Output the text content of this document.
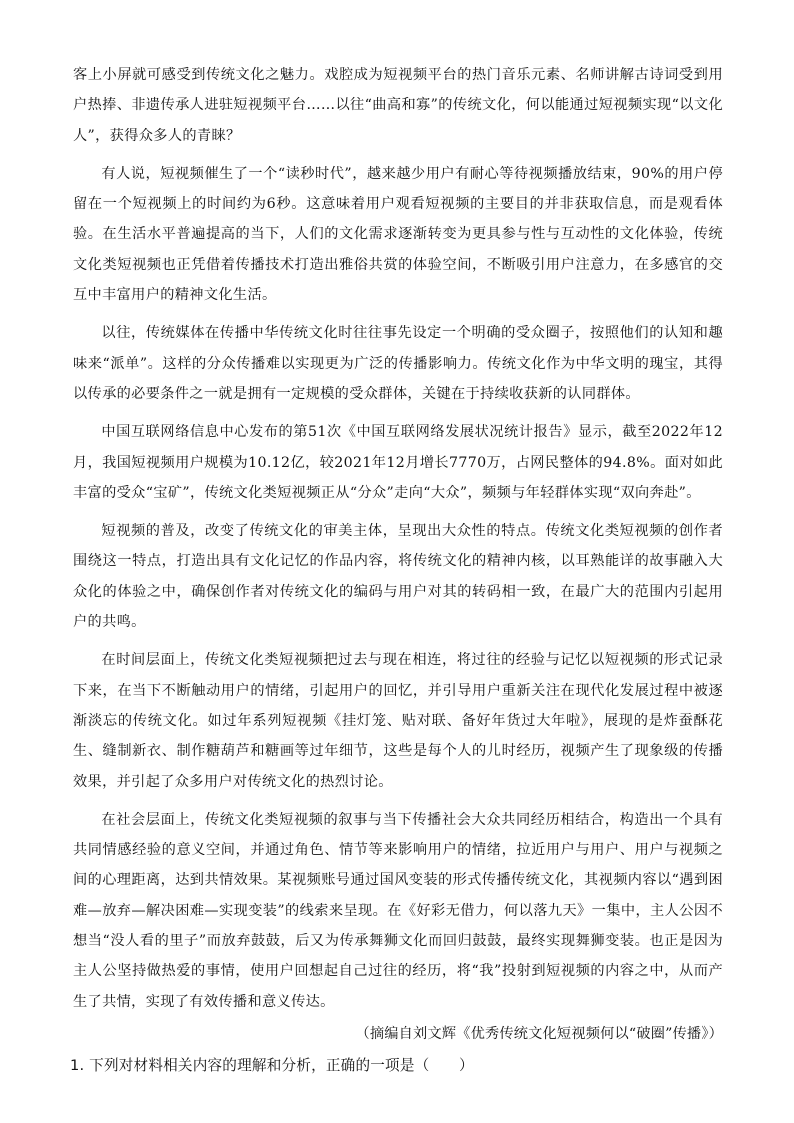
客上小屏就可感受到传统文化之魅力。戏腔成为短视频平台的热门音乐元素、名师讲解古诗词受到用户热捧、非遗传承人进驻短视频平台……以往“曲高和寡”的传统文化，何以能通过短视频实现“以文化人”，获得众多人的青睐？

有人说，短视频催生了一个“读秒时代”，越来越少用户有耐心等待视频播放结束，90%的用户停留在一个短视频上的时间约为6秒。这意味着用户观看短视频的主要目的并非获取信息，而是观看体验。在生活水平普遍提高的当下，人们的文化需求逐渐转变为更具参与性与互动性的文化体验，传统文化类短视频也正凭借着传播技术打造出雅俗共赏的体验空间，不断吸引用户注意力，在多感官的交互中丰富用户的精神文化生活。

以往，传统媒体在传播中华传统文化时往往事先设定一个明确的受众圈子，按照他们的认知和趣味来“派单”。这样的分众传播难以实现更为广泛的传播影响力。传统文化作为中华文明的瑰宝，其得以传承的必要条件之一就是拥有一定规模的受众群体，关键在于持续收获新的认同群体。

中国互联网络信息中心发布的第51次《中国互联网络发展状况统计报告》显示，截至2022年12月，我国短视频用户规模为10.12亿，较2021年12月增长7770万，占网民整体的94.8%。面对如此丰富的受众“宝矿”，传统文化类短视频正从“分众”走向“大众”，频频与年轻群体实现“双向奔赴”。

短视频的普及，改变了传统文化的审美主体，呈现出大众性的特点。传统文化类短视频的创作者围绕这一特点，打造出具有文化记忆的作品内容，将传统文化的精神内核，以耳熟能详的故事融入大众化的体验之中，确保创作者对传统文化的编码与用户对其的转码相一致，在最广大的范围内引起用户的共鸣。

在时间层面上，传统文化类短视频把过去与现在相连，将过往的经验与记忆以短视频的形式记录下来，在当下不断触动用户的情绪，引起用户的回忆，并引导用户重新关注在现代化发展过程中被逐渐淡忘的传统文化。如过年系列短视频《挂灯笼、贴对联、备好年货过大年啦》，展现的是炸蚕酥花生、缝制新衣、制作糖葫芦和糖画等过年细节，这些是每个人的儿时经历，视频产生了现象级的传播效果，并引起了众多用户对传统文化的热烈讨论。

在社会层面上，传统文化类短视频的叙事与当下传播社会大众共同经历相结合，构造出一个具有共同情感经验的意义空间，并通过角色、情节等来影响用户的情绪，拉近用户与用户、用户与视频之间的心理距离，达到共情效果。某视频账号通过国风变装的形式传播传统文化，其视频内容以“遇到困难—放弃—解决困难—实现变装”的线索来呈现。在《好彩无借力，何以落九天》一集中，主人公因不想当“没人看的里子”而放弃鼓鼓，后又为传承舞狮文化而回归鼓鼓，最终实现舞狮变装。也正是因为主人公坚持做热爱的事情，使用户回想起自己过往的经历，将“我”投射到短视频的内容之中，从而产生了共情，实现了有效传播和意义传达。

（摘编自刘文辉《优秀传统文化短视频何以“破圈”传播》）

1. 下列对材料相关内容的理解和分析，正确的一项是（　　）
